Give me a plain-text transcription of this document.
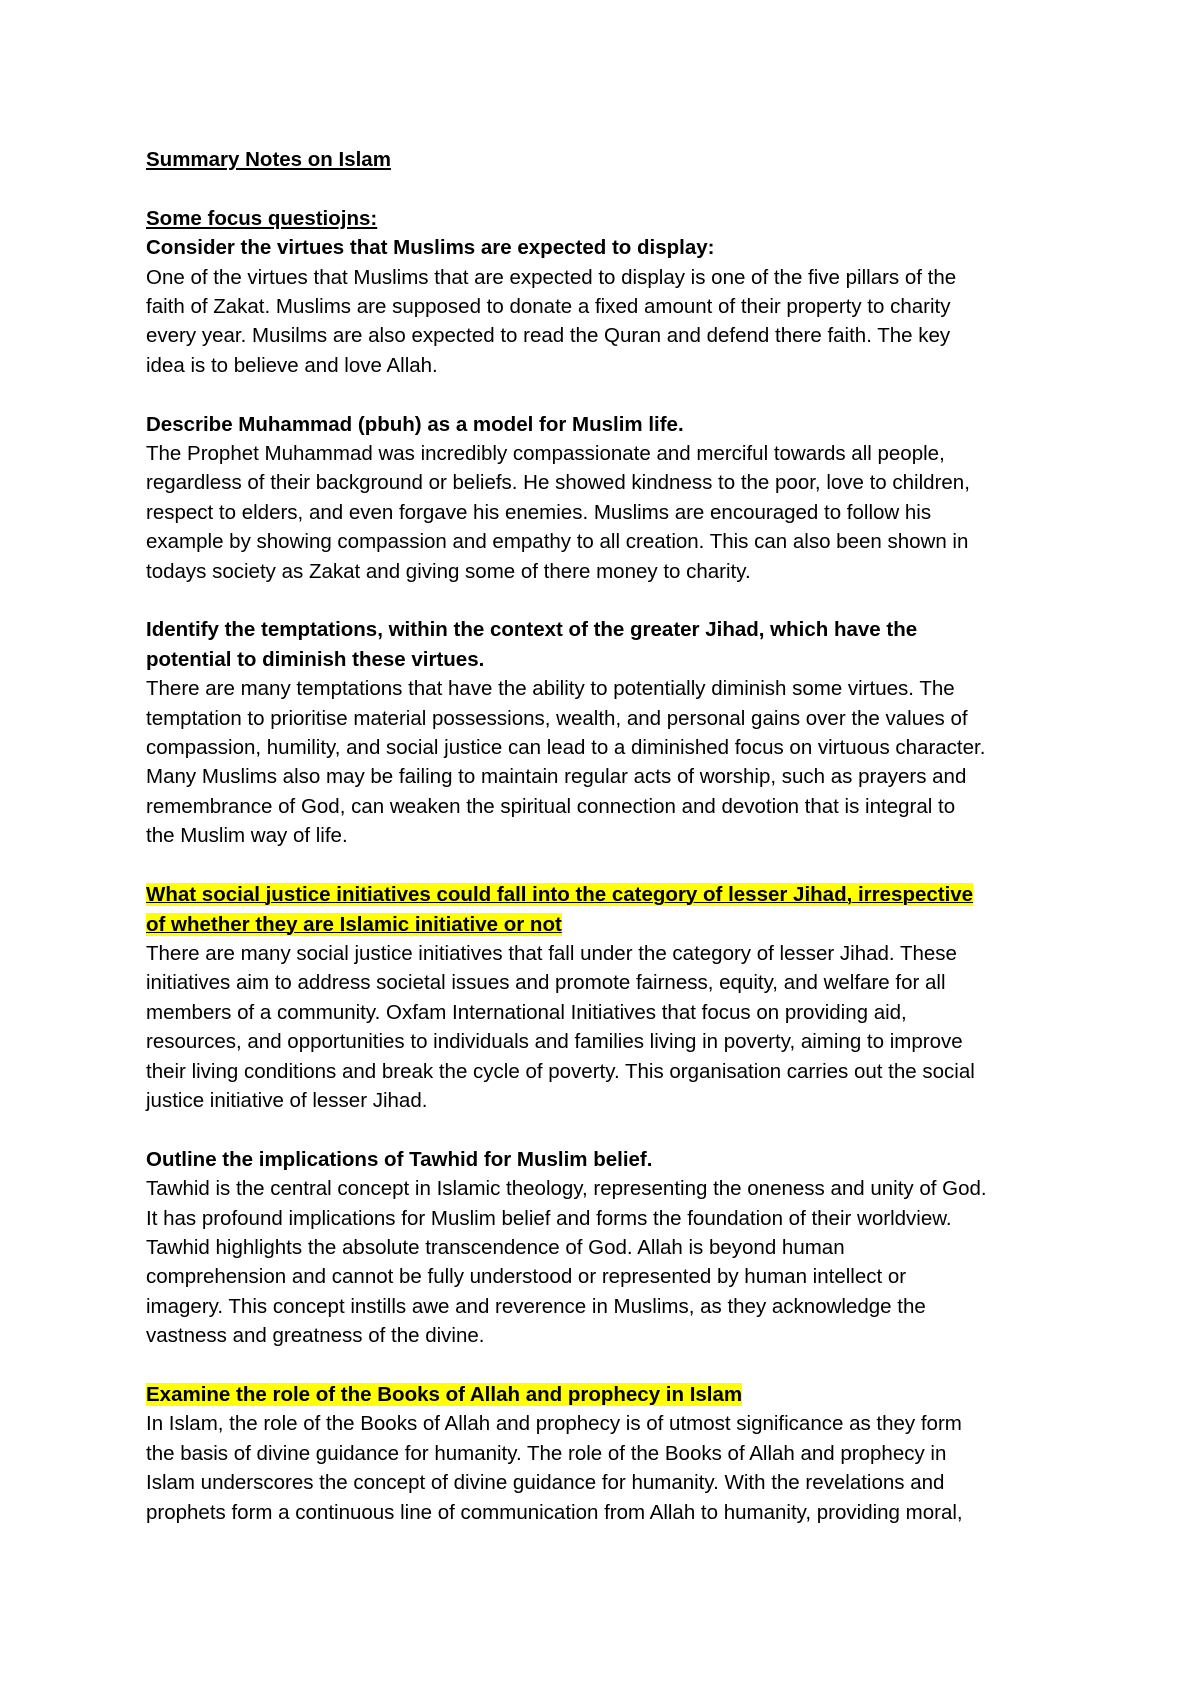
Summary Notes on Islam
Some focus questiojns:
Consider the virtues that Muslims are expected to display:
One of the virtues that Muslims that are expected to display is one of the five pillars of the
faith of Zakat. Muslims are supposed to donate a fixed amount of their property to charity
every year. Musilms are also expected to read the Quran and defend there faith. The key
idea is to believe and love Allah.
Describe Muhammad (pbuh) as a model for Muslim life.
The Prophet Muhammad was incredibly compassionate and merciful towards all people,
regardless of their background or beliefs. He showed kindness to the poor, love to children,
respect to elders, and even forgave his enemies. Muslims are encouraged to follow his
example by showing compassion and empathy to all creation. This can also been shown in
todays society as Zakat and giving some of there money to charity.
Identify the temptations, within the context of the greater Jihad, which have the
potential to diminish these virtues.
There are many temptations that have the ability to potentially diminish some virtues. The
temptation to prioritise material possessions, wealth, and personal gains over the values of
compassion, humility, and social justice can lead to a diminished focus on virtuous character.
Many Muslims also may be failing to maintain regular acts of worship, such as prayers and
remembrance of God, can weaken the spiritual connection and devotion that is integral to
the Muslim way of life.
What social justice initiatives could fall into the category of lesser Jihad, irrespective
of whether they are Islamic initiative or not
There are many social justice initiatives that fall under the category of lesser Jihad. These
initiatives aim to address societal issues and promote fairness, equity, and welfare for all
members of a community. Oxfam International Initiatives that focus on providing aid,
resources, and opportunities to individuals and families living in poverty, aiming to improve
their living conditions and break the cycle of poverty. This organisation carries out the social
justice initiative of lesser Jihad.
Outline the implications of Tawhid for Muslim belief.
Tawhid is the central concept in Islamic theology, representing the oneness and unity of God.
It has profound implications for Muslim belief and forms the foundation of their worldview.
Tawhid highlights the absolute transcendence of God. Allah is beyond human
comprehension and cannot be fully understood or represented by human intellect or
imagery. This concept instills awe and reverence in Muslims, as they acknowledge the
vastness and greatness of the divine.
Examine the role of the Books of Allah and prophecy in Islam
In Islam, the role of the Books of Allah and prophecy is of utmost significance as they form
the basis of divine guidance for humanity. The role of the Books of Allah and prophecy in
Islam underscores the concept of divine guidance for humanity. With the revelations and
prophets form a continuous line of communication from Allah to humanity, providing moral,
